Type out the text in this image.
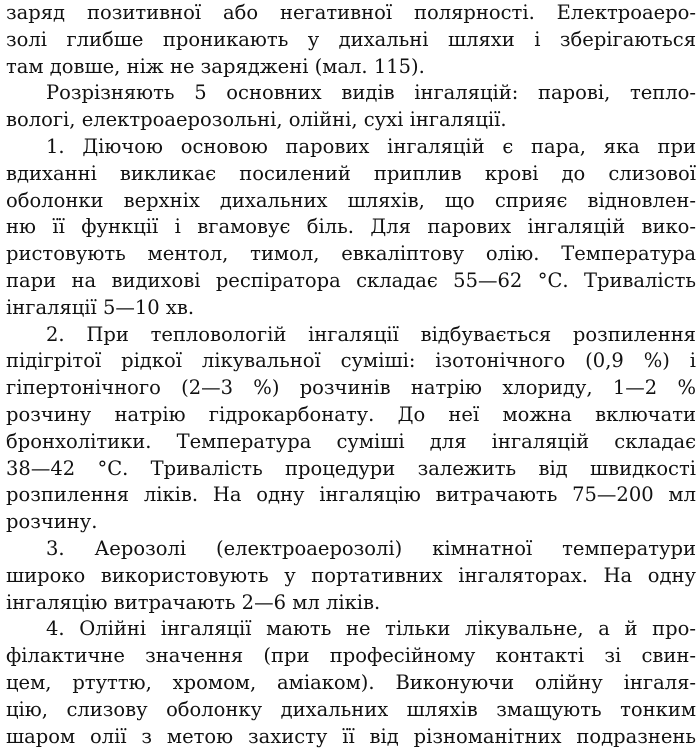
заряд позитивної або негативної полярності. Електроаеро-
золі глибше проникають у дихальні шляхи і зберігаються
там довше, ніж не заряджені (мал. 115).
Розрізняють 5 основних видів інгаляцій: парові, тепло-
вологі, електроаерозольні, олійні, сухі інгаляції.
1. Діючою основою парових інгаляцій є пара, яка при
вдиханні викликає посилений приплив крові до слизової
оболонки верхніх дихальних шляхів, що сприяє відновлен-
ню її функції і вгамовує біль. Для парових інгаляцій вико-
ристовують ментол, тимол, евкаліптову олію. Температура
пари на видихові респіратора складає 55—62 °С. Тривалість
інгаляції 5—10 хв.
2. При тепловологій інгаляції відбувається розпилення
підігрітої рідкої лікувальної суміші: ізотонічного (0,9 %) і
гіпертонічного (2—3 %) розчинів натрію хлориду, 1—2 %
розчину натрію гідрокарбонату. До неї можна включати
бронхолітики. Температура суміші для інгаляцій складає
38—42 °С. Тривалість процедури залежить від швидкості
розпилення ліків. На одну інгаляцію витрачають 75—200 мл
розчину.
3. Аерозолі (електроаерозолі) кімнатної температури
широко використовують у портативних інгаляторах. На одну
інгаляцію витрачають 2—6 мл ліків.
4. Олійні інгаляції мають не тільки лікувальне, а й про-
філактичне значення (при професійному контакті зі свин-
цем, ртуттю, хромом, аміаком). Виконуючи олійну інгаля-
цію, слизову оболонку дихальних шляхів змащують тонким
шаром олії з метою захисту її від різноманітних подразнень
